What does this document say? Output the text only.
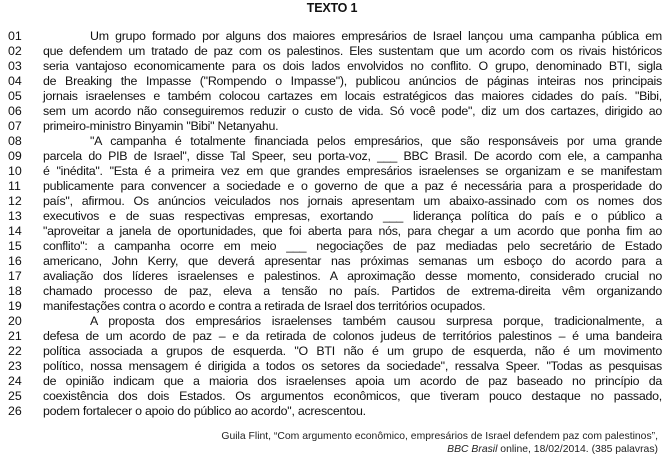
TEXTO 1
01	Um grupo formado por alguns dos maiores empresários de Israel lançou uma campanha pública em
02	que defendem um tratado de paz com os palestinos. Eles sustentam que um acordo com os rivais históricos
03	seria vantajoso economicamente para os dois lados envolvidos no conflito. O grupo, denominado BTI, sigla
04	de Breaking the Impasse ("Rompendo o Impasse"), publicou anúncios de páginas inteiras nos principais
05	jornais israelenses e também colocou cartazes em locais estratégicos das maiores cidades do país. "Bibi,
06	sem um acordo não conseguiremos reduzir o custo de vida. Só você pode", diz um dos cartazes, dirigido ao
07	primeiro-ministro Binyamin "Bibi" Netanyahu.
08	"A campanha é totalmente financiada pelos empresários, que são responsáveis por uma grande
09	parcela do PIB de Israel", disse Tal Speer, seu porta-voz, ___ BBC Brasil. De acordo com ele, a campanha
10	é "inédita". "Esta é a primeira vez em que grandes empresários israelenses se organizam e se manifestam
11	publicamente para convencer a sociedade e o governo de que a paz é necessária para a prosperidade do
12	país", afirmou. Os anúncios veiculados nos jornais apresentam um abaixo-assinado com os nomes dos
13	executivos e de suas respectivas empresas, exortando ___ liderança política do país e o público a
14	"aproveitar a janela de oportunidades, que foi aberta para nós, para chegar a um acordo que ponha fim ao
15	conflito": a campanha ocorre em meio ___ negociações de paz mediadas pelo secretário de Estado
16	americano, John Kerry, que deverá apresentar nas próximas semanas um esboço do acordo para a
17	avaliação dos líderes israelenses e palestinos. A aproximação desse momento, considerado crucial no
18	chamado processo de paz, eleva a tensão no país. Partidos de extrema-direita vêm organizando
19	manifestações contra o acordo e contra a retirada de Israel dos territórios ocupados.
20	A proposta dos empresários israelenses também causou surpresa porque, tradicionalmente, a
21	defesa de um acordo de paz – e da retirada de colonos judeus de territórios palestinos – é uma bandeira
22	política associada a grupos de esquerda. "O BTI não é um grupo de esquerda, não é um movimento
23	político, nossa mensagem é dirigida a todos os setores da sociedade", ressalva Speer. "Todas as pesquisas
24	de opinião indicam que a maioria dos israelenses apoia um acordo de paz baseado no princípio da
25	coexistência dos dois Estados. Os argumentos econômicos, que tiveram pouco destaque no passado,
26	podem fortalecer o apoio do público ao acordo", acrescentou.
Guila Flint, “Com argumento econômico, empresários de Israel defendem paz com palestinos”,
BBC Brasil online, 18/02/2014. (385 palavras)
